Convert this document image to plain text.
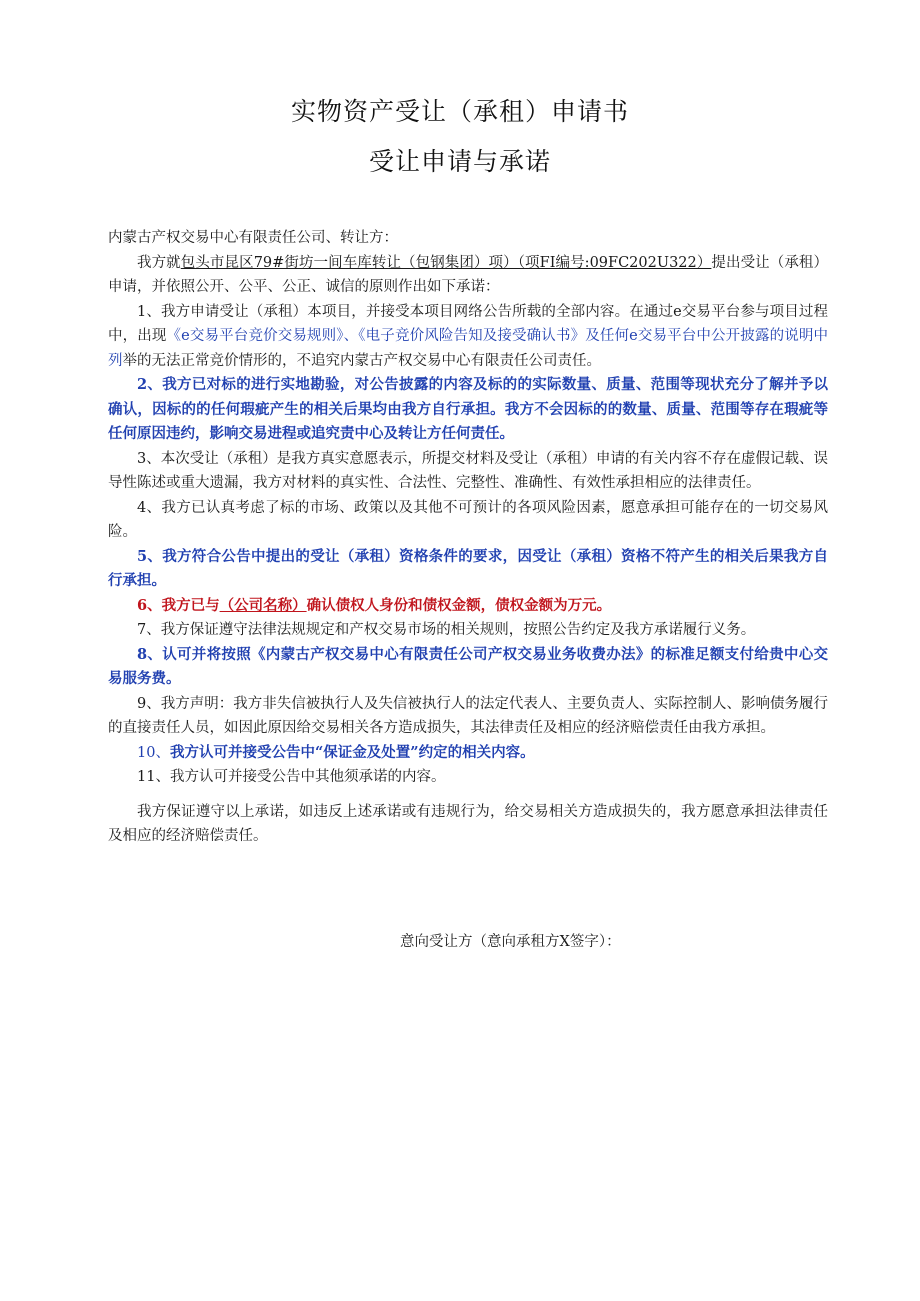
实物资产受让（承租）申请书
受让申请与承诺

内蒙古产权交易中心有限责任公司、转让方：

我方就包头市昆区79#街坊一间车库转让（包钢集团）项）（项FI编号:09FC202U322）提出受让（承租）申请，并依照公开、公平、公正、诚信的原则作出如下承诺：

1、我方申请受让（承租）本项目，并接受本项目网络公告所载的全部内容。在通过e交易平台参与项目过程中，出现《e交易平台竞价交易规则》、《电子竞价风险告知及接受确认书》及任何e交易平台中公开披露的说明中列举的无法正常竞价情形的，不追究内蒙古产权交易中心有限责任公司责任。

2、我方已对标的进行实地勘验，对公告披露的内容及标的的实际数量、质量、范围等现状充分了解并予以确认，因标的的任何瑕疵产生的相关后果均由我方自行承担。我方不会因标的的数量、质量、范围等存在瑕疵等任何原因违约，影响交易进程或追究责中心及转让方任何责任。

3、本次受让（承租）是我方真实意愿表示，所提交材料及受让（承租）申请的有关内容不存在虚假记载、误导性陈述或重大遗漏，我方对材料的真实性、合法性、完整性、准确性、有效性承担相应的法律责任。

4、我方已认真考虑了标的市场、政策以及其他不可预计的各项风险因素，愿意承担可能存在的一切交易风险。

5、我方符合公告中提出的受让（承租）资格条件的要求，因受让（承租）资格不符产生的相关后果我方自行承担。

6、我方已与（公司名称）确认债权人身份和债权金额，债权金额为万元。

7、我方保证遵守法律法规规定和产权交易市场的相关规则，按照公告约定及我方承诺履行义务。

8、认可并将按照《内蒙古产权交易中心有限责任公司产权交易业务收费办法》的标准足额支付给贵中心交易服务费。

9、我方声明：我方非失信被执行人及失信被执行人的法定代表人、主要负责人、实际控制人、影响债务履行的直接责任人员，如因此原因给交易相关各方造成损失，其法律责任及相应的经济赔偿责任由我方承担。

10、我方认可并接受公告中“保证金及处置”约定的相关内容。

11、我方认可并接受公告中其他须承诺的内容。

我方保证遵守以上承诺，如违反上述承诺或有违规行为，给交易相关方造成损失的，我方愿意承担法律责任及相应的经济赔偿责任。

意向受让方（意向承租方X签字）：
